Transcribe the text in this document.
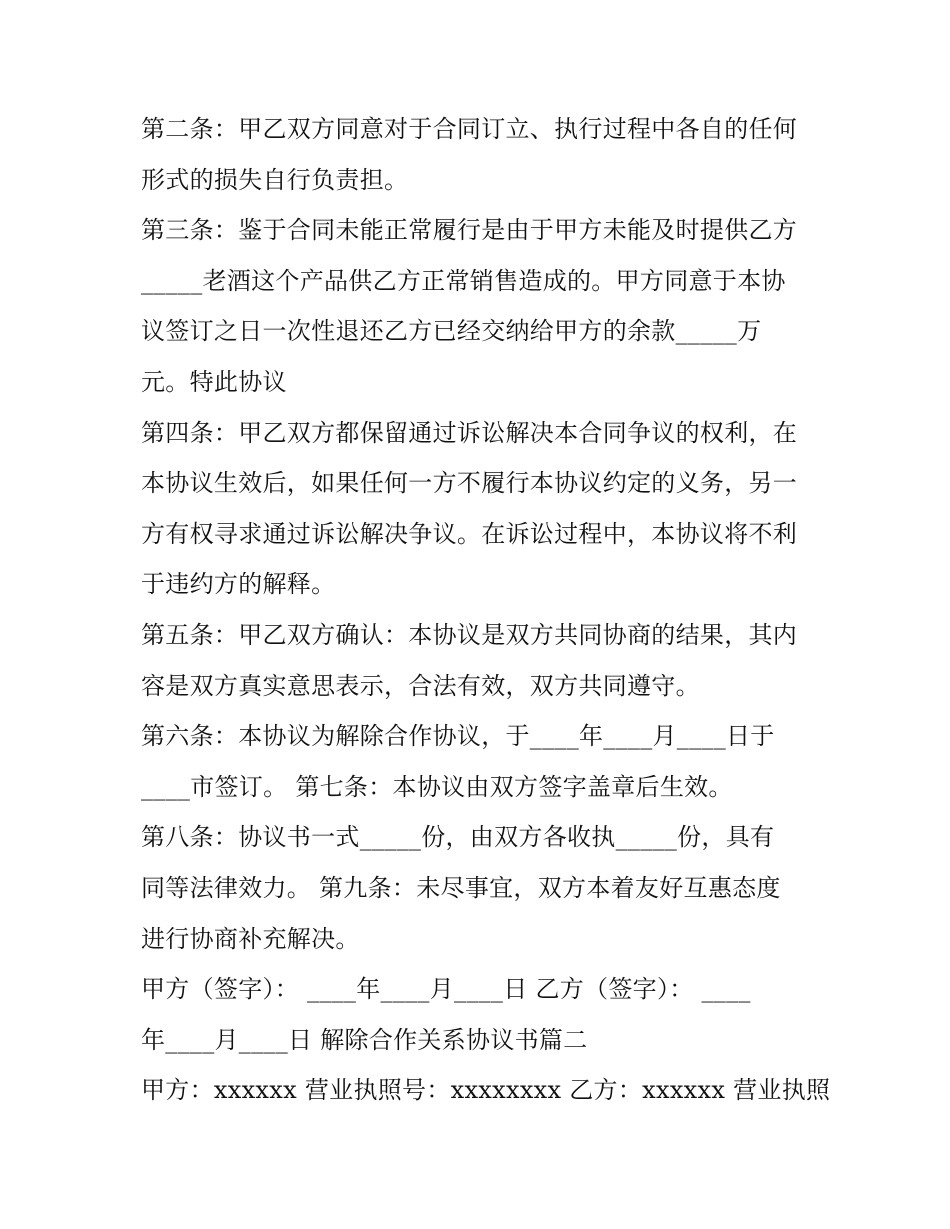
第二条：甲乙双方同意对于合同订立、执行过程中各自的任何
形式的损失自行负责担。
第三条：鉴于合同未能正常履行是由于甲方未能及时提供乙方
_____老酒这个产品供乙方正常销售造成的。甲方同意于本协
议签订之日一次性退还乙方已经交纳给甲方的余款_____万
元。特此协议
第四条：甲乙双方都保留通过诉讼解决本合同争议的权利，在
本协议生效后，如果任何一方不履行本协议约定的义务，另一
方有权寻求通过诉讼解决争议。在诉讼过程中，本协议将不利
于违约方的解释。
第五条：甲乙双方确认：本协议是双方共同协商的结果，其内
容是双方真实意思表示，合法有效，双方共同遵守。
第六条：本协议为解除合作协议，于____年____月____日于
____市签订。 第七条：本协议由双方签字盖章后生效。
第八条：协议书一式_____份，由双方各收执_____份，具有
同等法律效力。 第九条：未尽事宜，双方本着友好互惠态度
进行协商补充解决。
甲方（签字）： ____年____月____日 乙方（签字）： ____
年____月____日 解除合作关系协议书篇二
甲方：xxxxxx 营业执照号：xxxxxxxx 乙方：xxxxxx 营业执照
